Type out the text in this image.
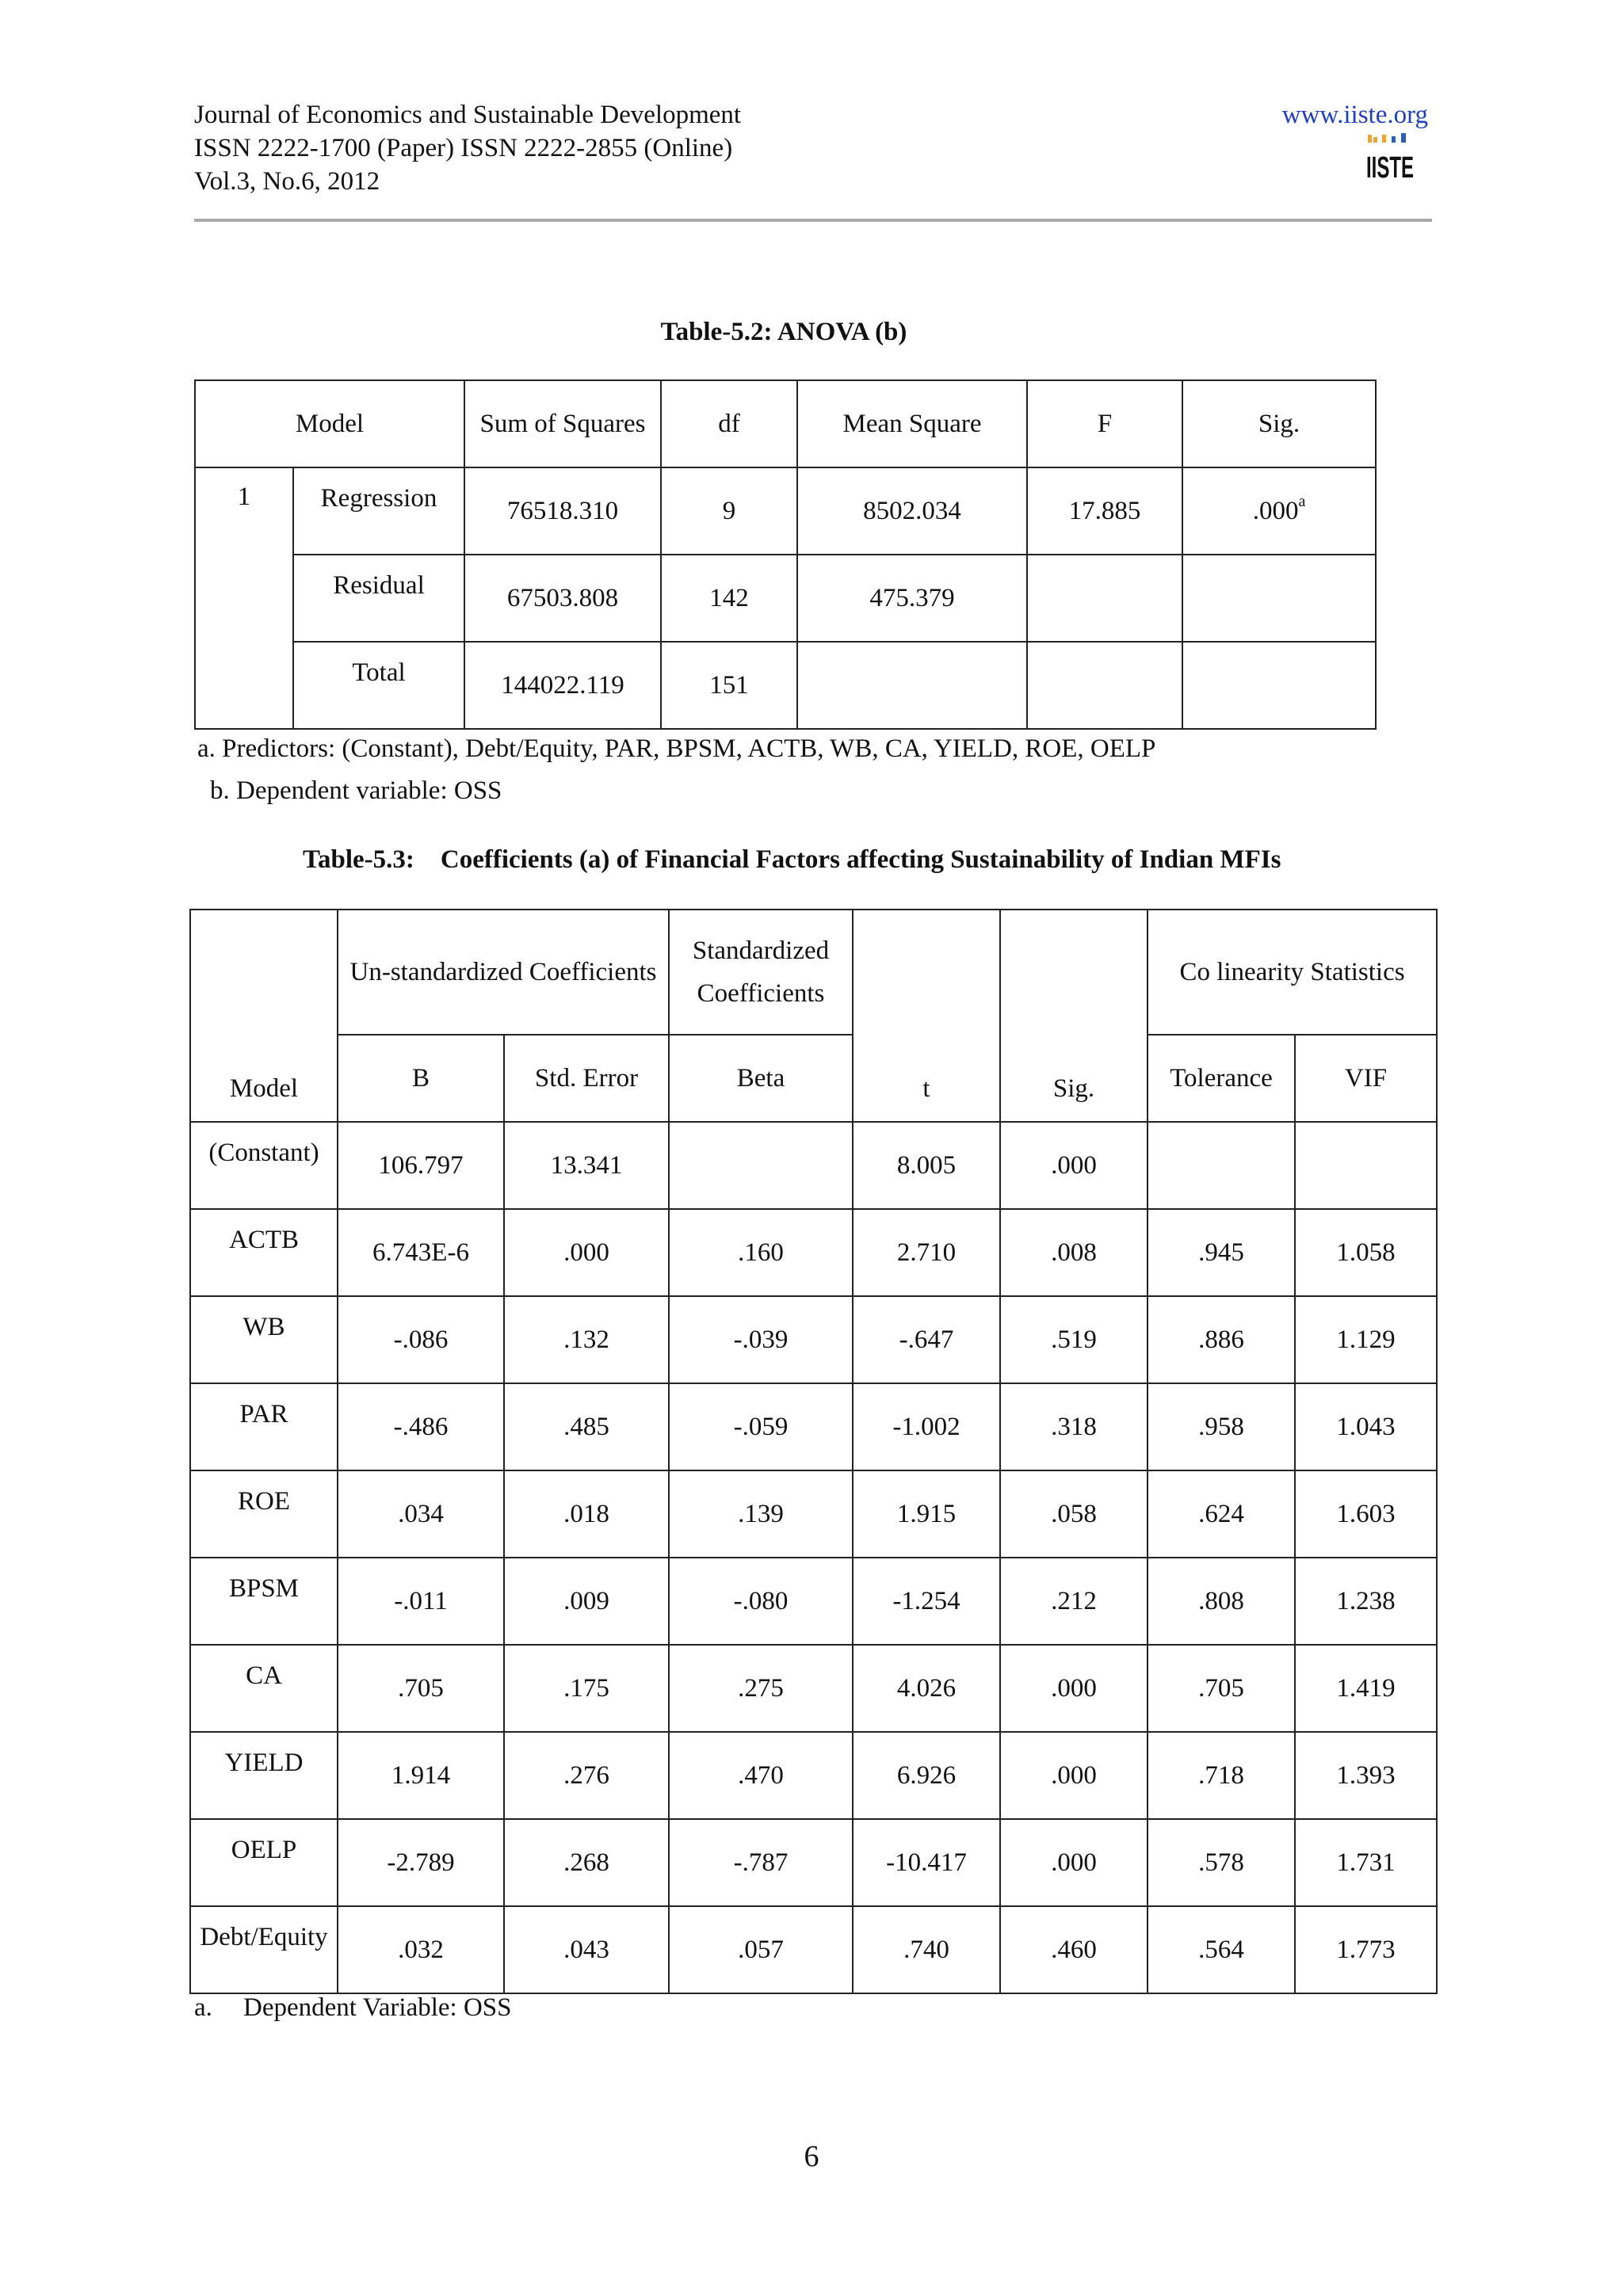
Journal of Economics and Sustainable Development
ISSN 2222-1700 (Paper) ISSN 2222-2855 (Online)
Vol.3, No.6, 2012
www.iiste.org
IISTE
Table-5.2: ANOVA (b)
Model		Sum of Squares	df	Mean Square	F	Sig.
1	Regression	76518.310	9	8502.034	17.885	.000$^a$
	Residual	67503.808	142	475.379		
	Total	144022.119	151			
a. Predictors: (Constant), Debt/Equity, PAR, BPSM, ACTB, WB, CA, YIELD, ROE, OELP
b. Dependent variable: OSS
Table-5.3:    Coefficients (a) of Financial Factors affecting Sustainability of Indian MFIs
Model	Un-standardized Coefficients		Standardized Coefficients	t	Sig.	Co linearity Statistics	
	B	Std. Error	Beta			Tolerance	VIF
(Constant)	106.797	13.341		8.005	.000		
ACTB	6.743E-6	.000	.160	2.710	.008	.945	1.058
WB	-.086	.132	-.039	-.647	.519	.886	1.129
PAR	-.486	.485	-.059	-1.002	.318	.958	1.043
ROE	.034	.018	.139	1.915	.058	.624	1.603
BPSM	-.011	.009	-.080	-1.254	.212	.808	1.238
CA	.705	.175	.275	4.026	.000	.705	1.419
YIELD	1.914	.276	.470	6.926	.000	.718	1.393
OELP	-2.789	.268	-.787	-10.417	.000	.578	1.731
Debt/Equity	.032	.043	.057	.740	.460	.564	1.773
a. Dependent Variable: OSS
6
